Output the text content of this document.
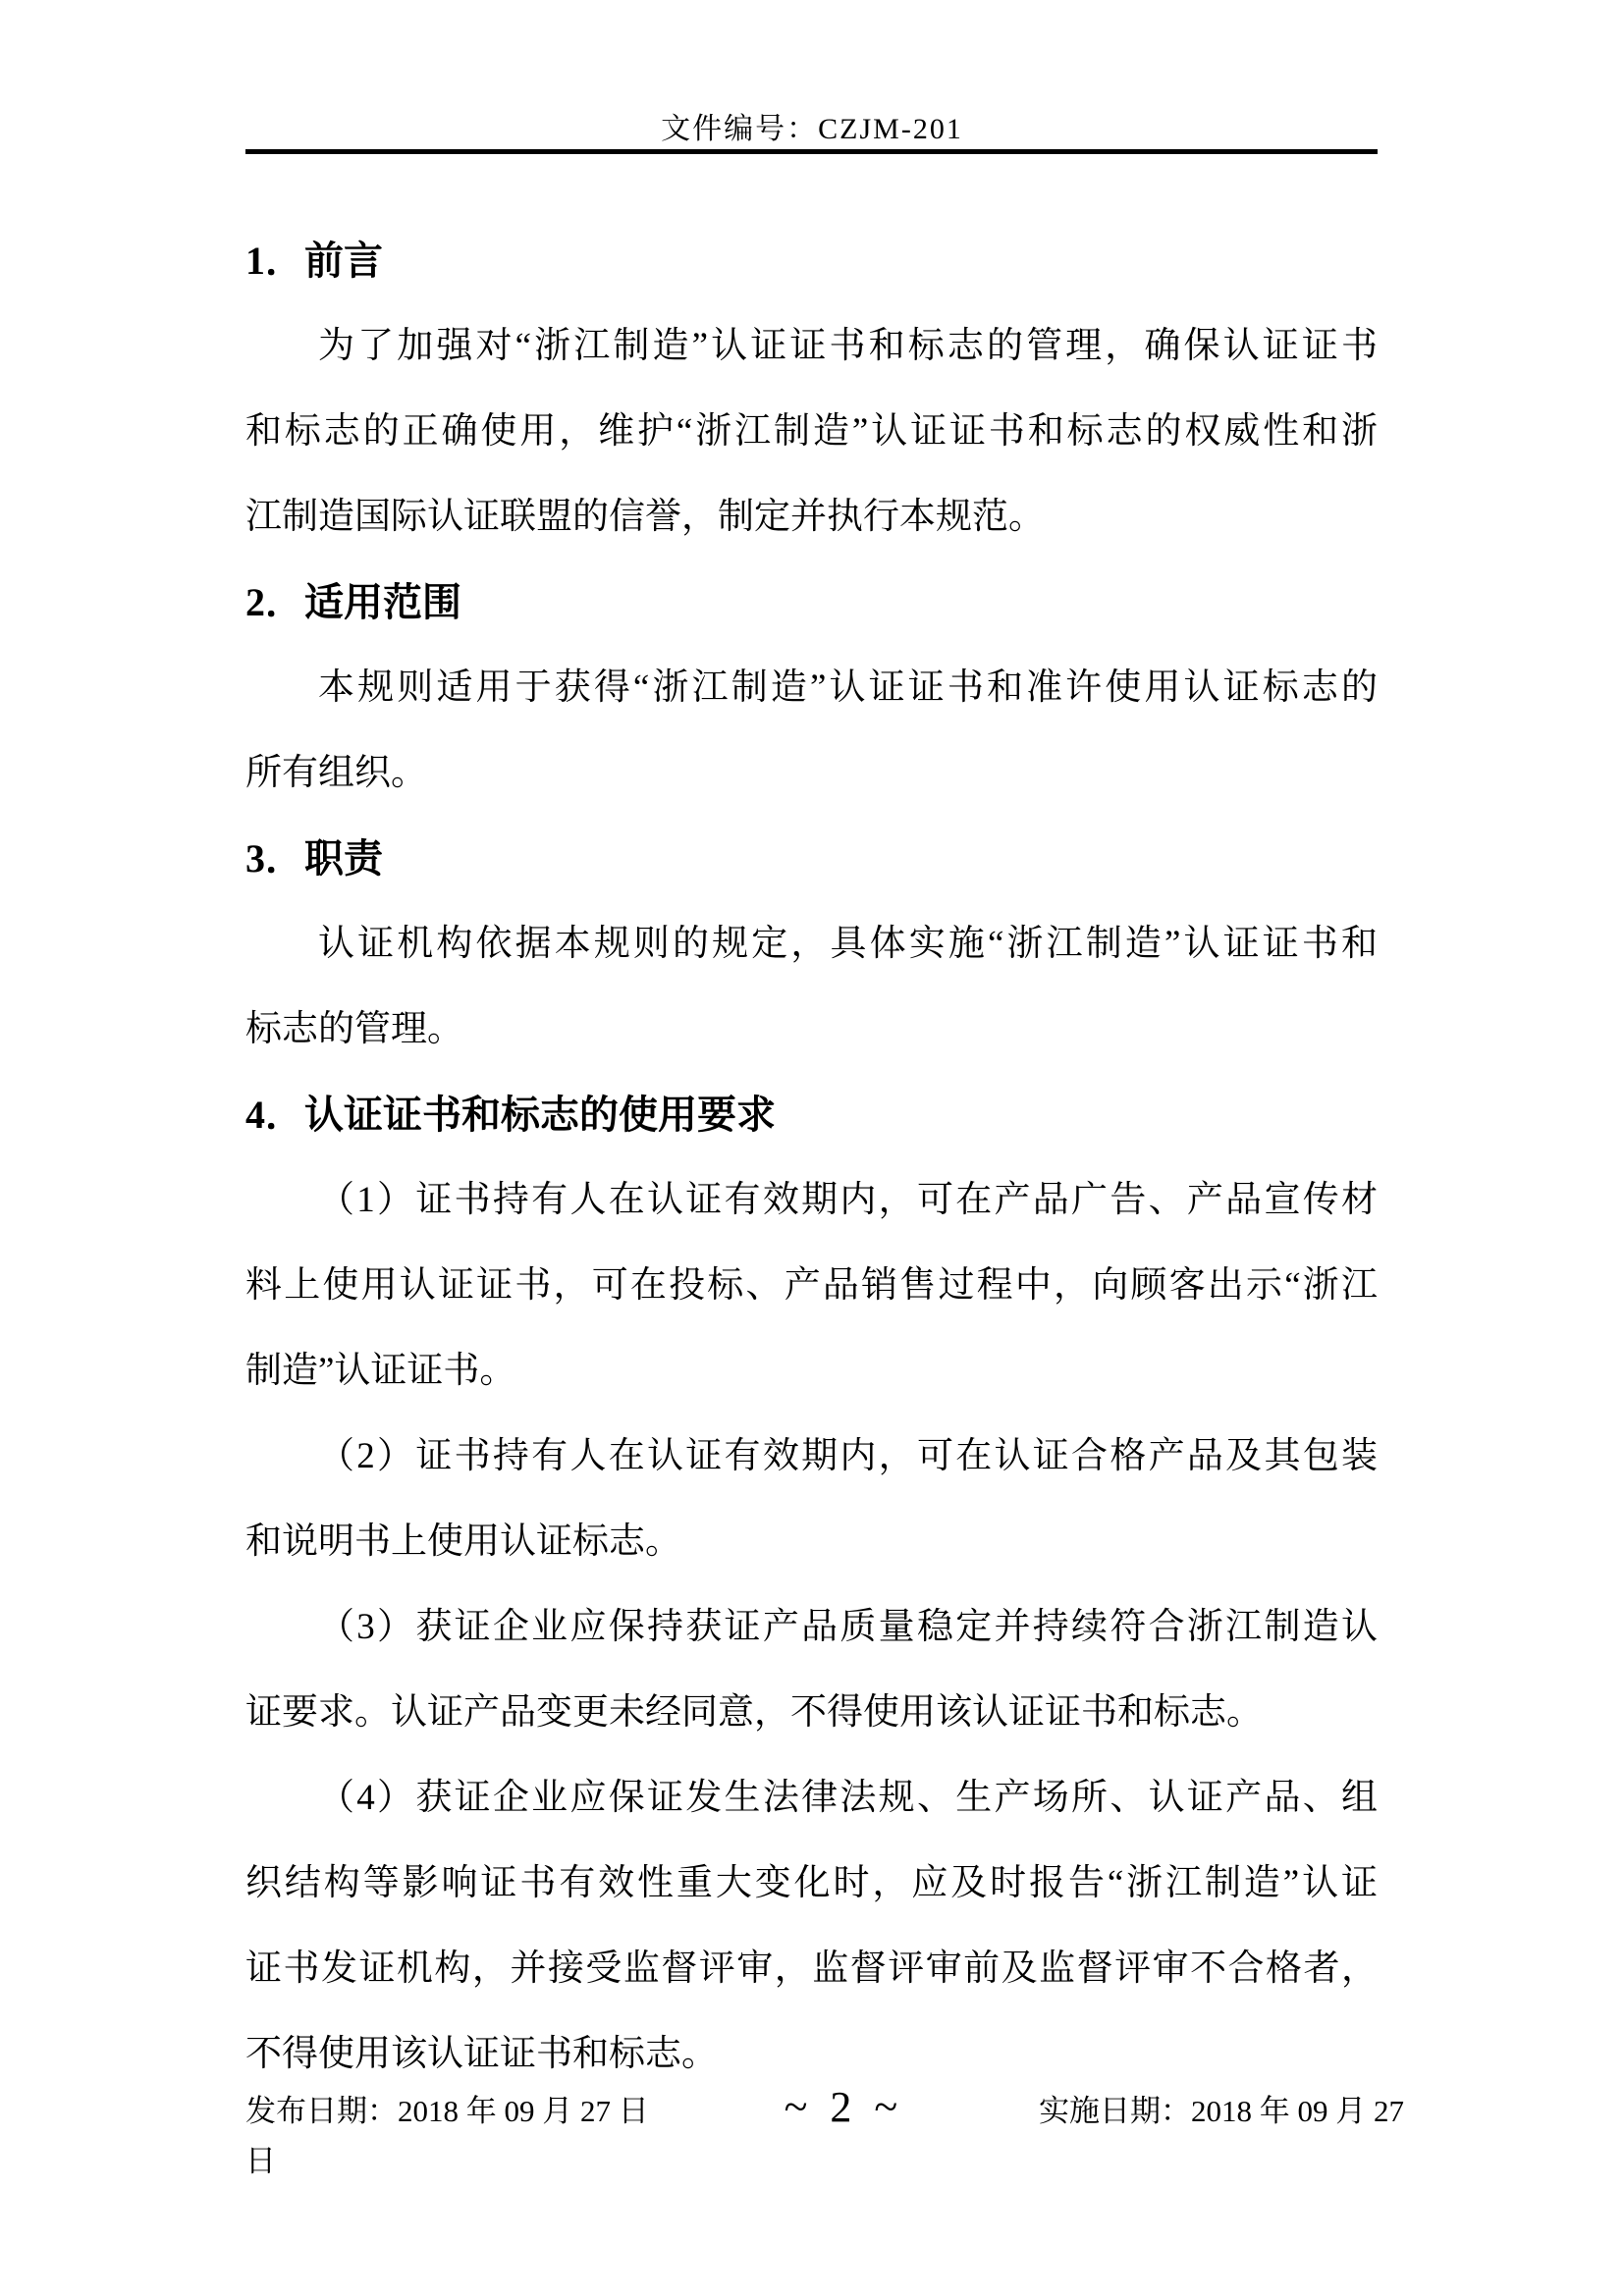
文件编号：CZJM-201
1．前言
为了加强对“浙江制造”认证证书和标志的管理，确保认证证书
和标志的正确使用，维护“浙江制造”认证证书和标志的权威性和浙
江制造国际认证联盟的信誉，制定并执行本规范。
2．适用范围
本规则适用于获得“浙江制造”认证证书和准许使用认证标志的
所有组织。
3．职责
认证机构依据本规则的规定，具体实施“浙江制造”认证证书和
标志的管理。
4．认证证书和标志的使用要求
（1）证书持有人在认证有效期内，可在产品广告、产品宣传材
料上使用认证证书，可在投标、产品销售过程中，向顾客出示“浙江
制造”认证证书。
（2）证书持有人在认证有效期内，可在认证合格产品及其包装
和说明书上使用认证标志。
（3）获证企业应保持获证产品质量稳定并持续符合浙江制造认
证要求。认证产品变更未经同意，不得使用该认证证书和标志。
（4）获证企业应保证发生法律法规、生产场所、认证产品、组
织结构等影响证书有效性重大变化时，应及时报告“浙江制造”认证
证书发证机构，并接受监督评审，监督评审前及监督评审不合格者，
不得使用该认证证书和标志。
发布日期：2018 年 09 月 27 日	~ 2 ~	实施日期：2018 年 09 月 27
日
